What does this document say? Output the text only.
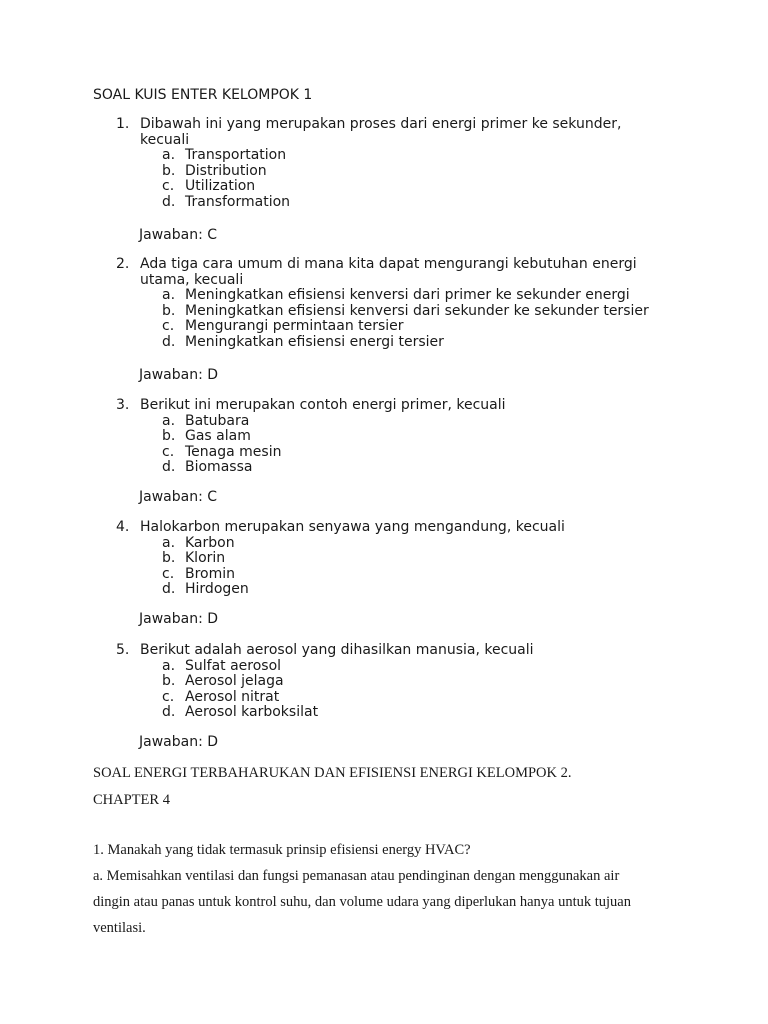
SOAL KUIS ENTER KELOMPOK 1
1. Dibawah ini yang merupakan proses dari energi primer ke sekunder,
kecuali
a. Transportation
b. Distribution
c. Utilization
d. Transformation
Jawaban: C
2. Ada tiga cara umum di mana kita dapat mengurangi kebutuhan energi
utama, kecuali
a. Meningkatkan efisiensi kenversi dari primer ke sekunder energi
b. Meningkatkan efisiensi kenversi dari sekunder ke sekunder tersier
c. Mengurangi permintaan tersier
d. Meningkatkan efisiensi energi tersier
Jawaban: D
3. Berikut ini merupakan contoh energi primer, kecuali
a. Batubara
b. Gas alam
c. Tenaga mesin
d. Biomassa
Jawaban: C
4. Halokarbon merupakan senyawa yang mengandung, kecuali
a. Karbon
b. Klorin
c. Bromin
d. Hirdogen
Jawaban: D
5. Berikut adalah aerosol yang dihasilkan manusia, kecuali
a. Sulfat aerosol
b. Aerosol jelaga
c. Aerosol nitrat
d. Aerosol karboksilat
Jawaban: D
SOAL ENERGI TERBAHARUKAN DAN EFISIENSI ENERGI KELOMPOK 2.
CHAPTER 4
1. Manakah yang tidak termasuk prinsip efisiensi energy HVAC?
a. Memisahkan ventilasi dan fungsi pemanasan atau pendinginan dengan menggunakan air
dingin atau panas untuk kontrol suhu, dan volume udara yang diperlukan hanya untuk tujuan
ventilasi.
